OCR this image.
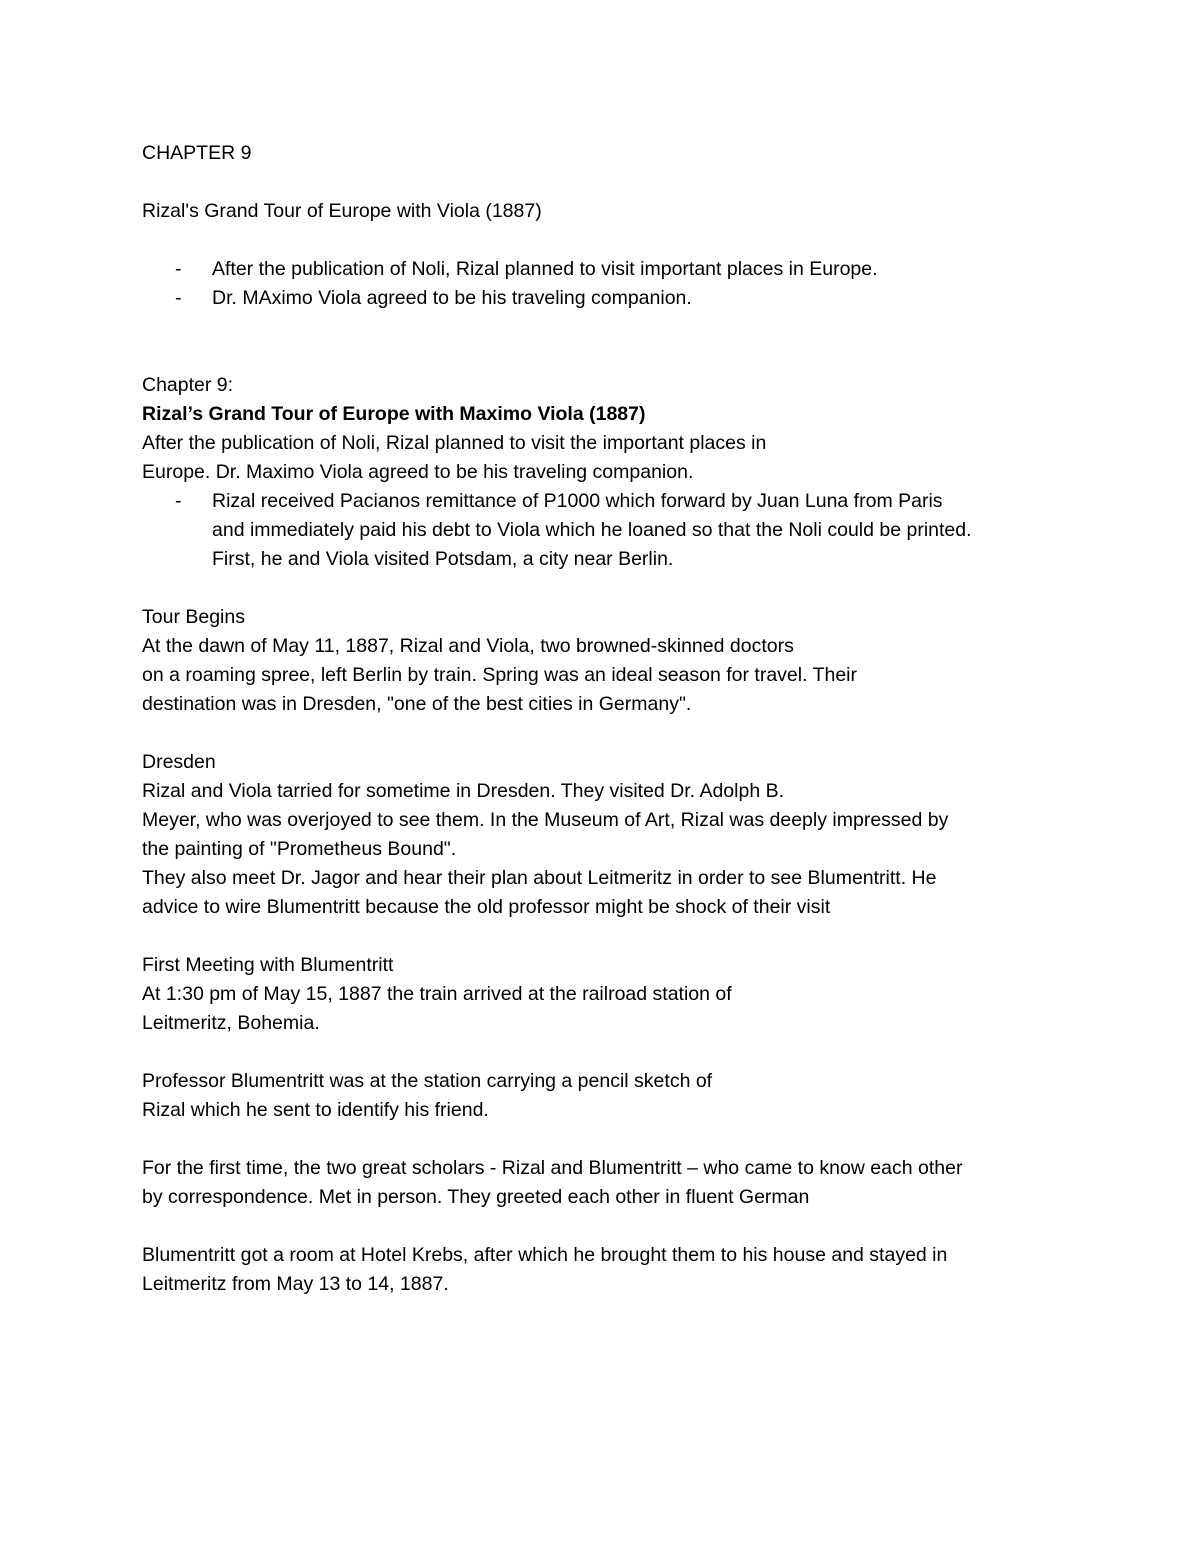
CHAPTER 9
Rizal's Grand Tour of Europe with Viola (1887)
- After the publication of Noli, Rizal planned to visit important places in Europe.
- Dr. MAximo Viola agreed to be his traveling companion.
Chapter 9:
Rizal’s Grand Tour of Europe with Maximo Viola (1887)
After the publication of Noli, Rizal planned to visit the important places in
Europe. Dr. Maximo Viola agreed to be his traveling companion.
- Rizal received Pacianos remittance of P1000 which forward by Juan Luna from Paris
and immediately paid his debt to Viola which he loaned so that the Noli could be printed.
First, he and Viola visited Potsdam, a city near Berlin.
Tour Begins
At the dawn of May 11, 1887, Rizal and Viola, two browned-skinned doctors
on a roaming spree, left Berlin by train. Spring was an ideal season for travel. Their
destination was in Dresden, "one of the best cities in Germany".
Dresden
Rizal and Viola tarried for sometime in Dresden. They visited Dr. Adolph B.
Meyer, who was overjoyed to see them. In the Museum of Art, Rizal was deeply impressed by
the painting of "Prometheus Bound".
They also meet Dr. Jagor and hear their plan about Leitmeritz in order to see Blumentritt. He
advice to wire Blumentritt because the old professor might be shock of their visit
First Meeting with Blumentritt
At 1:30 pm of May 15, 1887 the train arrived at the railroad station of
Leitmeritz, Bohemia.
Professor Blumentritt was at the station carrying a pencil sketch of
Rizal which he sent to identify his friend.
For the first time, the two great scholars - Rizal and Blumentritt – who came to know each other
by correspondence. Met in person. They greeted each other in fluent German
Blumentritt got a room at Hotel Krebs, after which he brought them to his house and stayed in
Leitmeritz from May 13 to 14, 1887.
